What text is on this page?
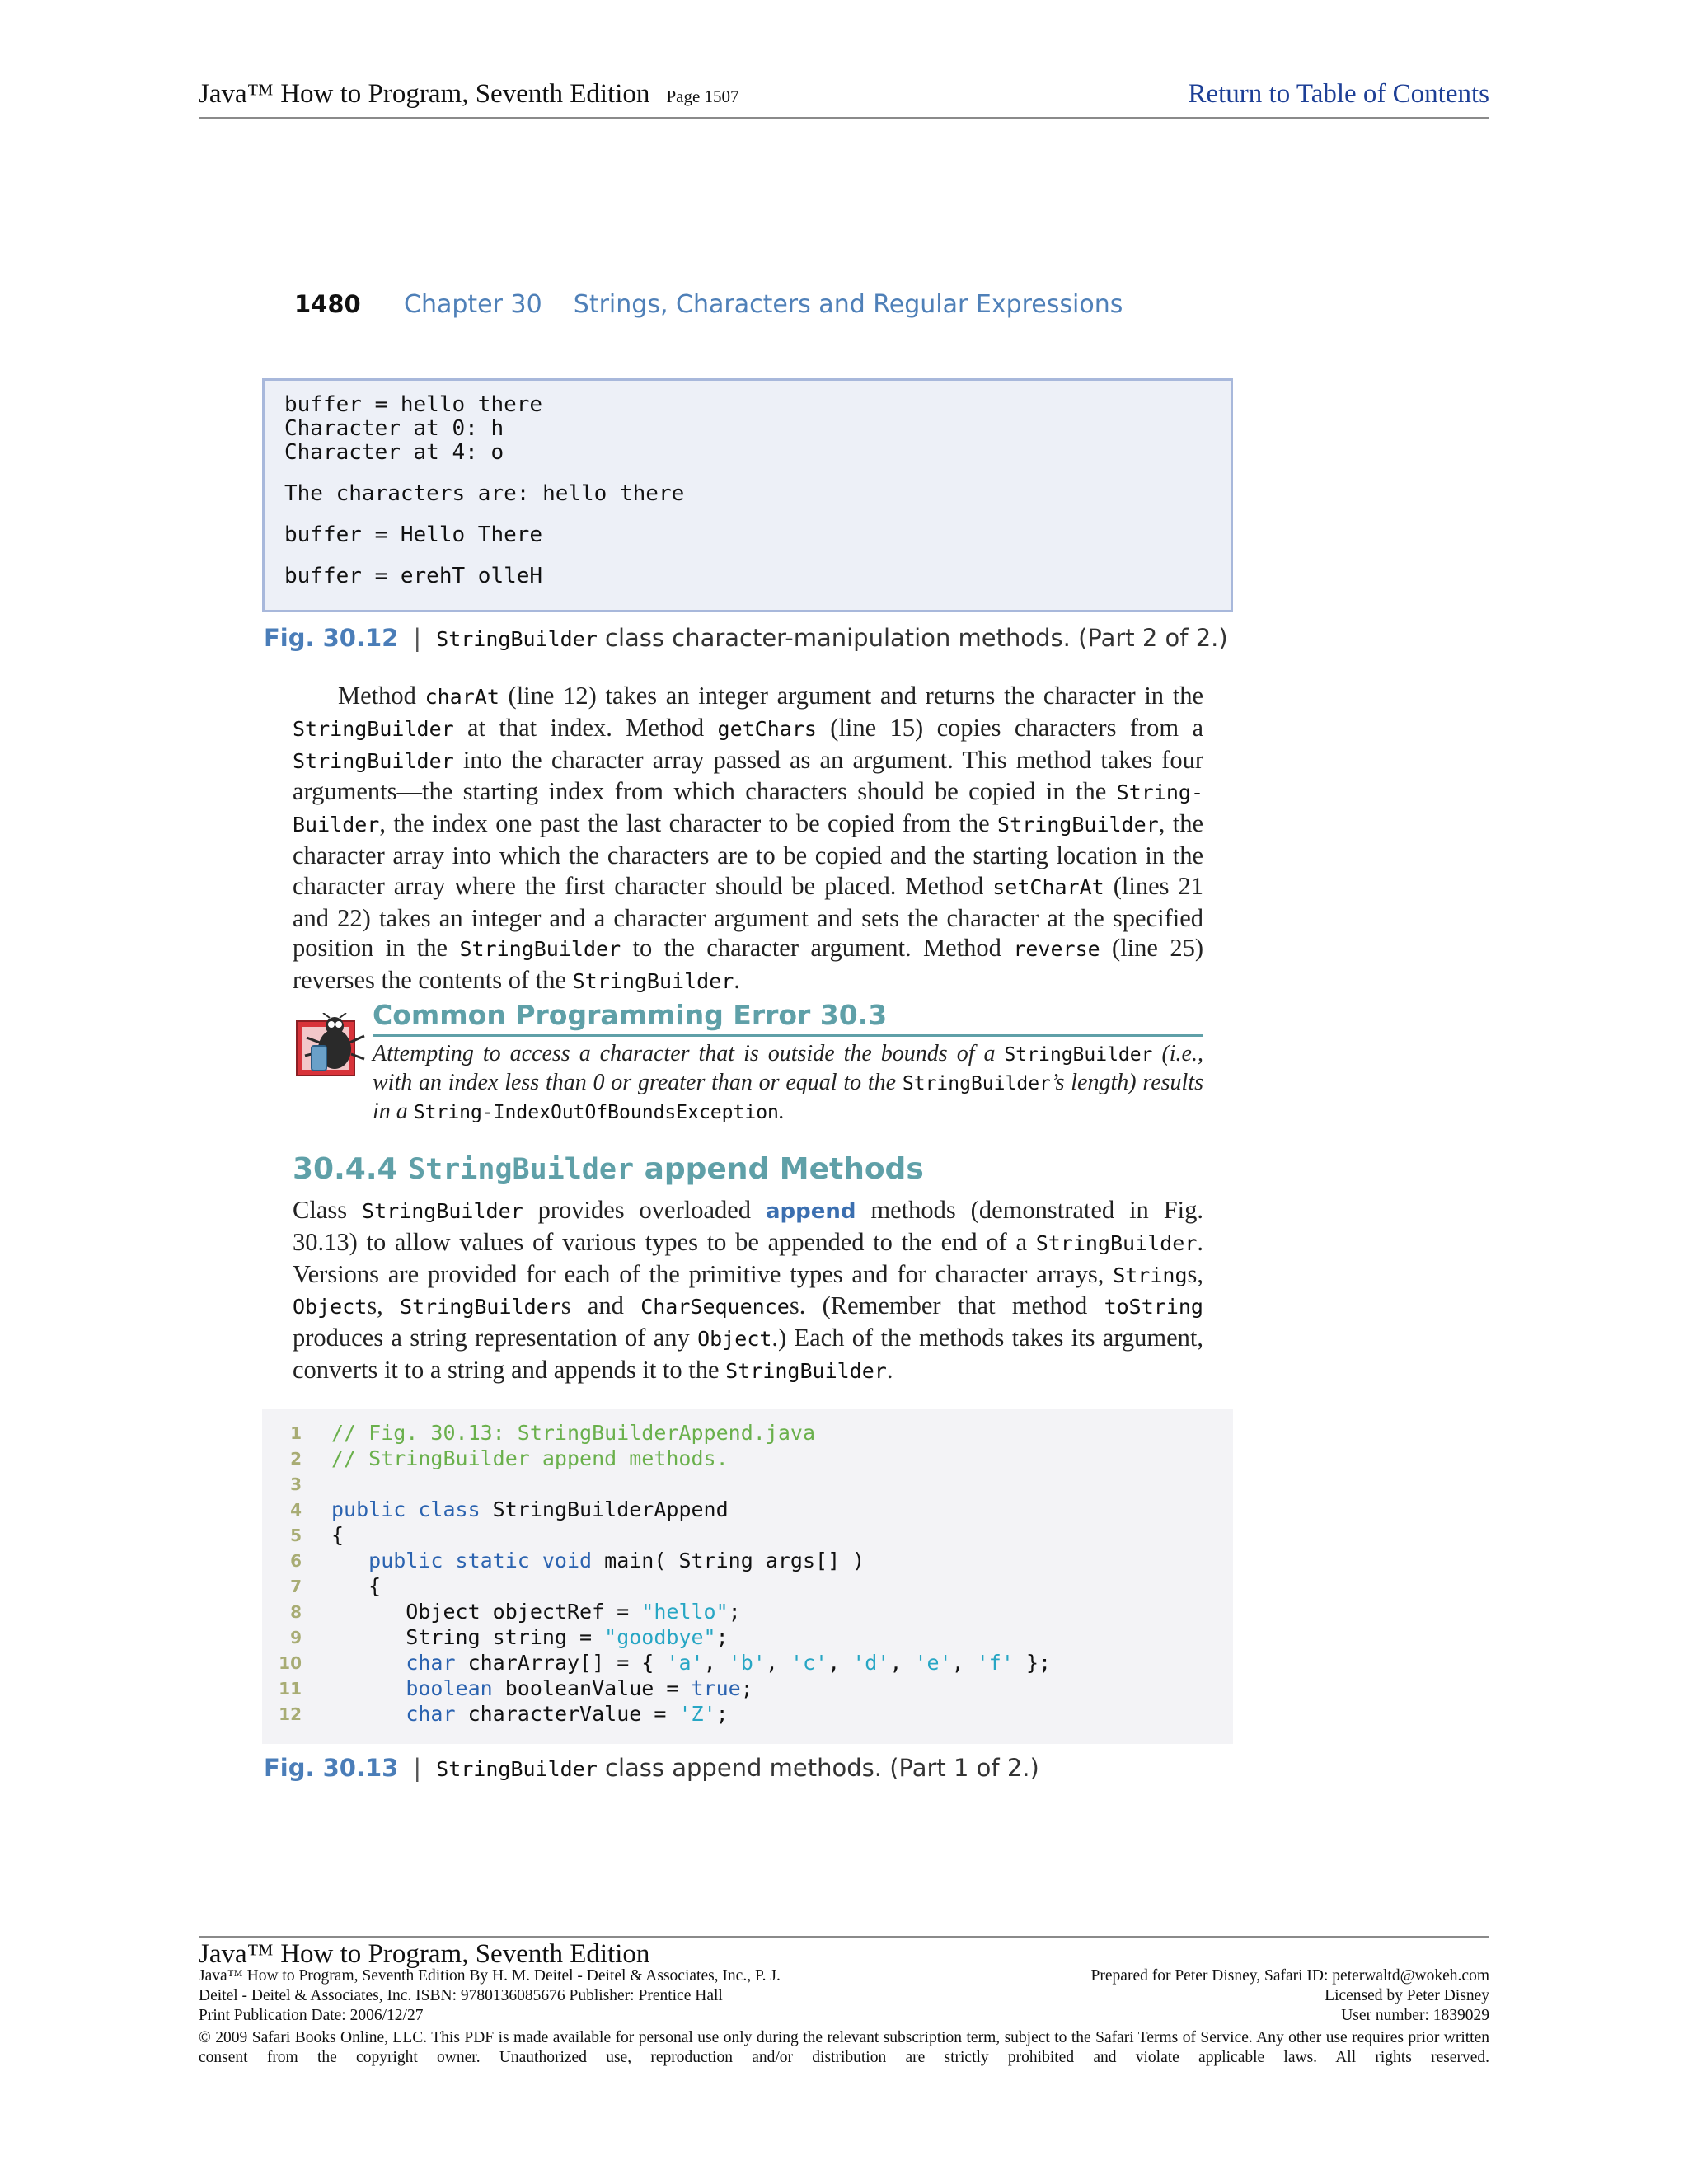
Java™ How to Program, Seventh Edition Page 1507	Return to Table of Contents
1480 Chapter 30    Strings, Characters and Regular Expressions
buffer = hello there
Character at 0: h
Character at 4: o
The characters are: hello there
buffer = Hello There
buffer = erehT olleH
Fig. 30.12 | StringBuilder class character-manipulation methods. (Part 2 of 2.)
Method charAt (line 12) takes an integer argument and returns the character in the StringBuilder at that index. Method getChars (line 15) copies characters from a StringBuilder into the character array passed as an argument. This method takes four arguments—the starting index from which characters should be copied in the String-Builder, the index one past the last character to be copied from the StringBuilder, the character array into which the characters are to be copied and the starting location in the character array where the first character should be placed. Method setCharAt (lines 21 and 22) takes an integer and a character argument and sets the character at the specified position in the StringBuilder to the character argument. Method reverse (line 25) reverses the contents of the StringBuilder.
Common Programming Error 30.3
Attempting to access a character that is outside the bounds of a StringBuilder (i.e., with an index less than 0 or greater than or equal to the StringBuilder’s length) results in a String-IndexOutOfBoundsException.
30.4.4 StringBuilder append Methods
Class StringBuilder provides overloaded append methods (demonstrated in Fig. 30.13) to allow values of various types to be appended to the end of a StringBuilder. Versions are provided for each of the primitive types and for character arrays, Strings, Objects, StringBuilders and CharSequences. (Remember that method toString produces a string representation of any Object.) Each of the methods takes its argument, converts it to a string and appends it to the StringBuilder.
1 // Fig. 30.13: StringBuilderAppend.java
2 // StringBuilder append methods.
3
4 public class StringBuilderAppend
5 {
6	public static void main( String args[] )
7 {
8 Object objectRef = "hello";
9 String string = "goodbye";
10	char charArray[] = { 'a', 'b', 'c', 'd', 'e', 'f' };
11	boolean booleanValue = true;
12	char characterValue = 'Z';
Fig. 30.13 | StringBuilder class append methods. (Part 1 of 2.)
Java™ How to Program, Seventh Edition
Java™ How to Program, Seventh Edition By H. M. Deitel - Deitel & Associates, Inc., P. J.
Deitel - Deitel & Associates, Inc. ISBN: 9780136085676 Publisher: Prentice Hall
Print Publication Date: 2006/12/27
Prepared for Peter Disney, Safari ID: peterwaltd@wokeh.com
Licensed by Peter Disney
User number: 1839029
© 2009 Safari Books Online, LLC. This PDF is made available for personal use only during the relevant subscription term, subject to the Safari Terms of Service. Any other use requires prior written consent from the copyright owner. Unauthorized use, reproduction and/or distribution are strictly prohibited and violate applicable laws. All rights reserved.
